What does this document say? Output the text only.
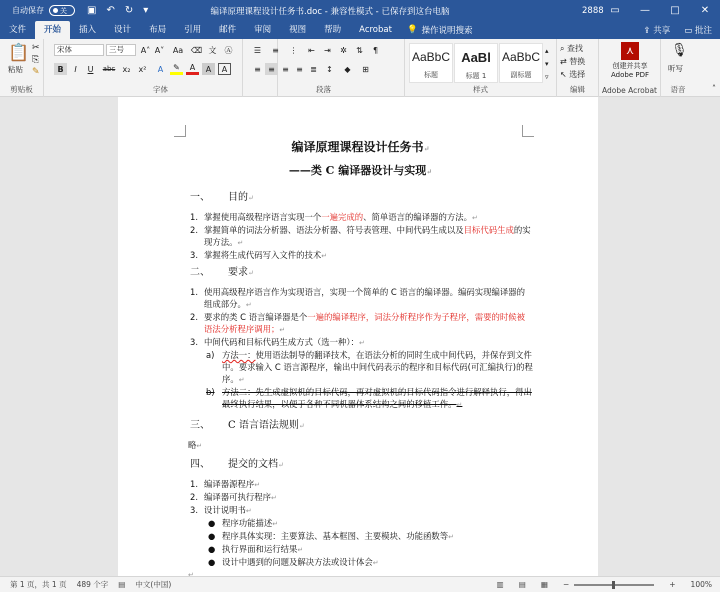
自动保存 关 ▣ ↶ ↻ ▾	编译原理课程设计任务书.doc - 兼容性模式 - 已保存到这台电脑	2888 ▭	—	□	✕
文件	开始	插入	设计	布局	引用	邮件	审阅	视图	帮助	Acrobat	💡 操作说明搜索	⇪ 共享 ▭ 批注
📋
粘贴
✂
⎘
✎
剪贴板
宋体	三号	A˄ A˅	Aa ⌫ 文	Ⓐ
B	I	U	abc x₂	x²	A	✎	A	A	A
字体
☰	≡	⋮	⇤	⇥	✲	⇅	¶
≡ ≡ ≡ ≡ ≣	↕	◆	⊞
段落
AaBbC
标题
AaBl
标题 1
AaBbC
副标题
▴
▾
▿
样式
⌕ 查找
⇄ 替换
↖ 选择
编辑
⋏
创建并共享 Adobe PDF
Adobe Acrobat
🎙
听写
语音	˄
编译原理课程设计任务书↵
——类 C 编译器设计与实现↵
一、	目的 ↵
1. 掌握使用高级程序语言实现一个一遍完成的、简单语言的编译器的方法。↵
2. 掌握简单的词法分析器、语法分析器、符号表管理、中间代码生成以及目标代码生成的实现方法。↵
3. 掌握将生成代码写入文件的技术↵
二、	要求 ↵
1. 使用高级程序语言作为实现语言，实现一个简单的 C 语言的编译器。编码实现编译器的组成部分。↵
2. 要求的类 C 语言编译器是个一遍的编译程序，词法分析程序作为子程序，需要的时候被语法分析程序调用；↵
3. 中间代码和目标代码生成方式（选一种）：↵
a) 方法一：使用语法制导的翻译技术，在语法分析的同时生成中间代码，并保存到文件中。要求输入 C 语言源程序，输出中间代码表示的程序和目标代码(可汇编执行)的程序。↵
b) 方法二：先生成虚拟机的目标代码，再对虚拟机的目标代码指令进行解释执行，得出最终执行结果，以便于各种不同机器体系结构之间的移植工作。↵
三、	C 语言语法规则 ↵
略↵
四、	提交的文档 ↵
1. 编译器源程序↵
2. 编译器可执行程序↵
3. 设计说明书↵
● 程序功能描述↵
● 程序具体实现：主要算法、基本框图、主要模块、功能函数等↵
● 执行界面和运行结果↵
● 设计中遇到的问题及解决方法或设计体会↵
↵
第 1 页，共 1 页 489 个字 ▤ 中文(中国)	▥ ▤ ▦ −	+ 100%
